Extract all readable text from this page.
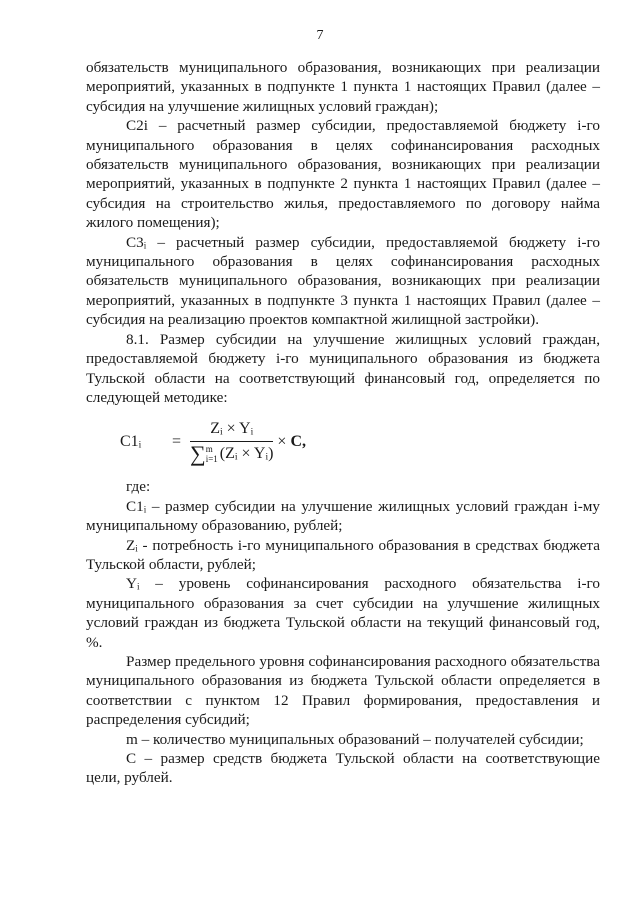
7

обязательств муниципального образования, возникающих при реализации мероприятий, указанных в подпункте 1 пункта 1 настоящих Правил (далее – субсидия на улучшение жилищных условий граждан);

С2i – расчетный размер субсидии, предоставляемой бюджету i-го муниципального образования в целях софинансирования расходных обязательств муниципального образования, возникающих при реализации мероприятий, указанных в подпункте 2 пункта 1 настоящих Правил (далее – субсидия на строительство жилья, предоставляемого по договору найма жилого помещения);

С3ᵢ – расчетный размер субсидии, предоставляемой бюджету i-го муниципального образования в целях софинансирования расходных обязательств муниципального образования, возникающих при реализации мероприятий, указанных в подпункте 3 пункта 1 настоящих Правил (далее – субсидия на реализацию проектов компактной жилищной застройки).

8.1. Размер субсидии на улучшение жилищных условий граждан, предоставляемой бюджету i-го муниципального образования из бюджета Тульской области на соответствующий финансовый год, определяется по следующей методике:

C1ᵢ	=
Zᵢ × Yᵢ
∑ m
i=1 (Zᵢ × Yᵢ)
× C,

где:

С1ᵢ – размер субсидии на улучшение жилищных условий граждан i-му муниципальному образованию, рублей;

Zᵢ - потребность i-го муниципального образования в средствах бюджета Тульской области, рублей;

Yᵢ – уровень софинансирования расходного обязательства i-го муниципального образования за счет субсидии на улучшение жилищных условий граждан из бюджета Тульской области на текущий финансовый год, %.

Размер предельного уровня софинансирования расходного обязательства муниципального образования из бюджета Тульской области определяется в соответствии с пунктом 12 Правил формирования, предоставления и распределения субсидий;

m – количество муниципальных образований – получателей субсидии;

С – размер средств бюджета Тульской области на соответствующие цели, рублей.
